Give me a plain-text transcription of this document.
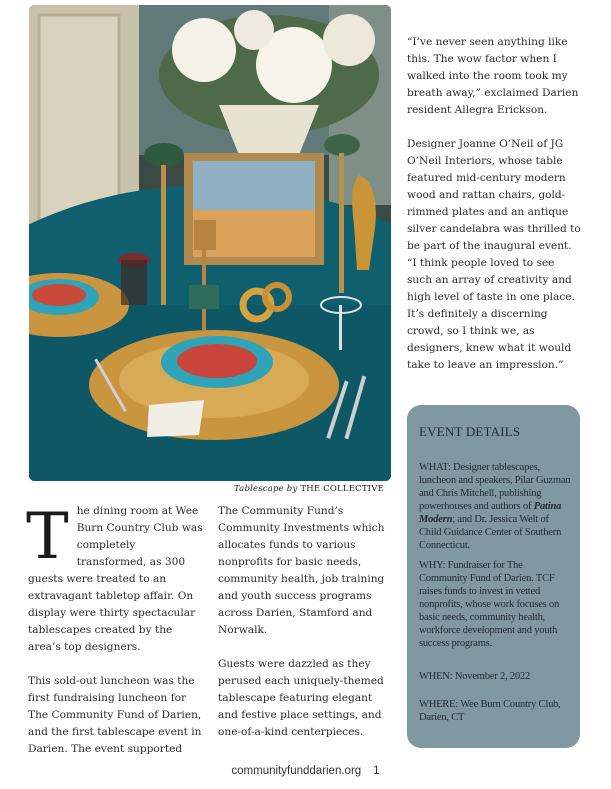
Tablescape by THE COLLECTIVE
T he dining room at Wee Burn Country Club was completely transformed, as 300 guests were treated to an extravagant tabletop affair. On display were thirty spectacular tablescapes created by the area’s top designers.

This sold-out luncheon was the first fundraising luncheon for The Community Fund of Darien, and the first tablescape event in Darien. The event supported

The Community Fund’s Community Investments which allocates funds to various nonprofits for basic needs, community health, job training and youth success programs across Darien, Stamford and Norwalk.

Guests were dazzled as they perused each uniquely-themed tablescape featuring elegant and festive place settings, and one-of-a-kind centerpieces.

“I’ve never seen anything like this. The wow factor when I walked into the room took my breath away,” exclaimed Darien resident Allegra Erickson.

Designer Joanne O’Neil of JG O’Neil Interiors, whose table featured mid-century modern wood and rattan chairs, gold-rimmed plates and an antique silver candelabra was thrilled to be part of the inaugural event. “I think people loved to see such an array of creativity and high level of taste in one place. It’s definitely a discerning crowd, so I think we, as designers, knew what it would take to leave an impression.”

EVENT DETAILS
WHAT: Designer tablescapes, luncheon and speakers, Pilar Guzman and Chris Mitchell, publishing powerhouses and authors of Patina Modern; and Dr. Jessica Welt of Child Guidance Center of Southern Connecticut.
WHY: Fundraiser for The Community Fund of Darien. TCF raises funds to invest in vetted nonprofits, whose work focuses on basic needs, community health, workforce development and youth success programs.
WHEN: November 2, 2022
WHERE: Wee Burn Country Club, Darien, CT
communityfunddarien.org 1
